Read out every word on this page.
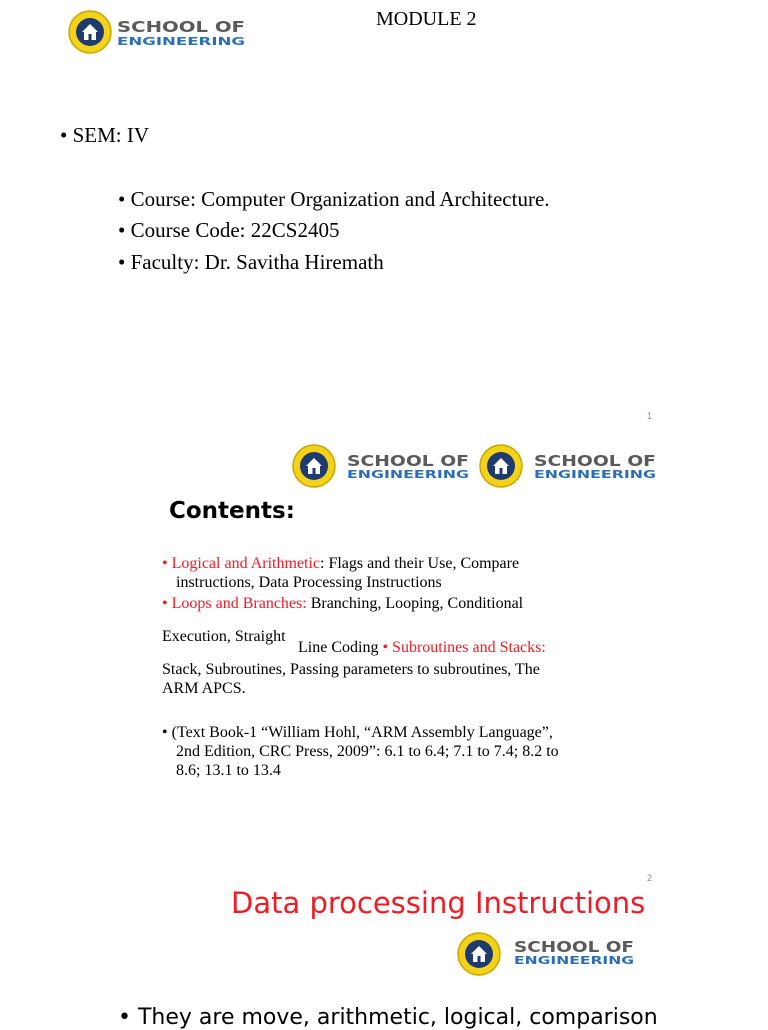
SCHOOL OF
ENGINEERING
MODULE 2
• SEM: IV
• Course: Computer Organization and Architecture.
• Course Code: 22CS2405
• Faculty: Dr. Savitha Hiremath
1
SCHOOL OF
ENGINEERING
SCHOOL OF
ENGINEERING
Contents:
• Logical and Arithmetic: Flags and their Use, Compare
instructions, Data Processing Instructions
• Loops and Branches: Branching, Looping, Conditional
Execution, Straight
Line Coding • Subroutines and Stacks:
Stack, Subroutines, Passing parameters to subroutines, The
ARM APCS.
• (Text Book-1 “William Hohl, “ARM Assembly Language”,
2nd Edition, CRC Press, 2009”: 6.1 to 6.4; 7.1 to 7.4; 8.2 to
8.6; 13.1 to 13.4
2
Data processing Instructions
SCHOOL OF
ENGINEERING
• They are move, arithmetic, logical, comparison
